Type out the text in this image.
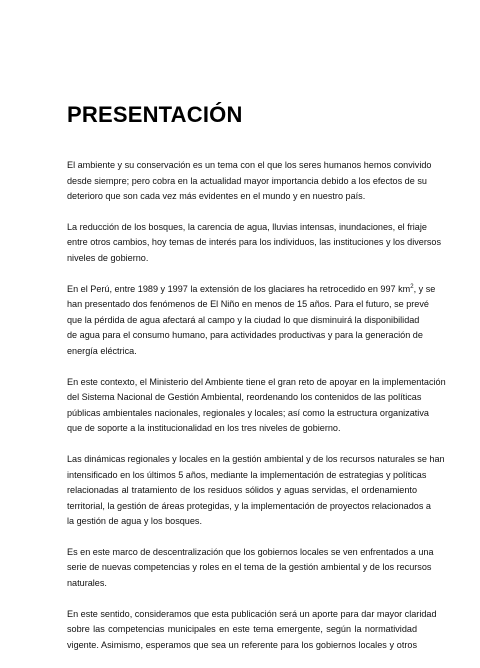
PRESENTACIÓN

El ambiente y su conservación es un tema con el que los seres humanos hemos convivido
desde siempre; pero cobra en la actualidad mayor importancia debido a los efectos de su
deterioro que son cada vez más evidentes en el mundo y en nuestro país.

La reducción de los bosques, la carencia de agua, lluvias intensas, inundaciones, el friaje
entre otros cambios, hoy temas de interés para los individuos, las instituciones y los diversos
niveles de gobierno.

En el Perú, entre 1989 y 1997 la extensión de los glaciares ha retrocedido en 997 $km^2$, y se
han presentado dos fenómenos de El Niño en menos de 15 años. Para el futuro, se prevé
que la pérdida de agua afectará al campo y la ciudad lo que disminuirá la disponibilidad
de agua para el consumo humano, para actividades productivas y para la generación de
energía eléctrica.

En este contexto, el Ministerio del Ambiente tiene el gran reto de apoyar en la implementación
del Sistema Nacional de Gestión Ambiental, reordenando los contenidos de las políticas
públicas ambientales nacionales, regionales y locales; así como la estructura organizativa
que de soporte a la institucionalidad en los tres niveles de gobierno.

Las dinámicas regionales y locales en la gestión ambiental y de los recursos naturales se han
intensificado en los últimos 5 años, mediante la implementación de estrategias y políticas
relacionadas al tratamiento de los residuos sólidos y aguas servidas, el ordenamiento
territorial, la gestión de áreas protegidas, y la implementación de proyectos relacionados a
la gestión de agua y los bosques.

Es en este marco de descentralización que los gobiernos locales se ven enfrentados a una
serie de nuevas competencias y roles en el tema de la gestión ambiental y de los recursos
naturales.

En este sentido, consideramos que esta publicación será un aporte para dar mayor claridad
sobre las competencias municipales en este tema emergente, según la normatividad
vigente. Asimismo, esperamos que sea un referente para los gobiernos locales y otros
